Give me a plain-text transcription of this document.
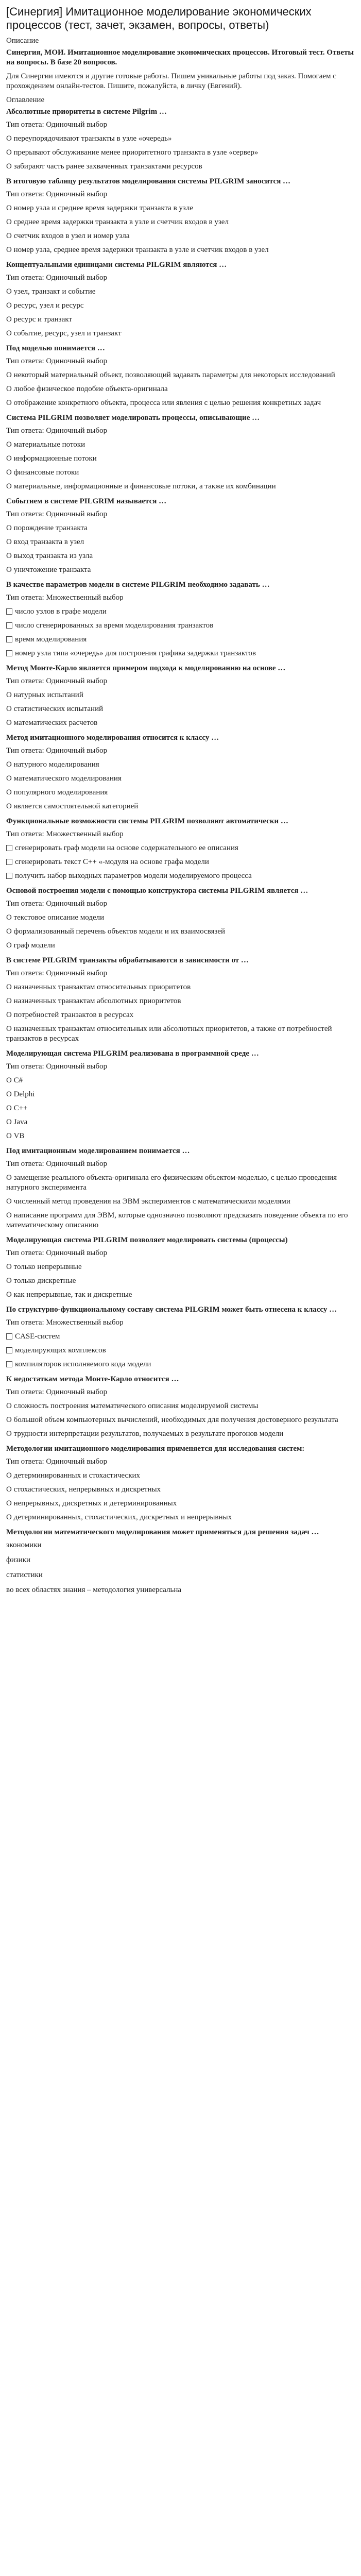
[Синергия] Имитационное моделирование экономических процессов (тест, зачет, экзамен, вопросы, ответы)
Описание
Синергия, МОИ. Имитационное моделирование экономических процессов. Итоговый тест. Ответы на вопросы. В базе 20 вопросов.
Для Синергии имеются и другие готовые работы. Пишем уникальные работы под заказ. Помогаем с прохождением онлайн-тестов. Пишите, пожалуйста, в личку (Евгений).
Оглавление
Абсолютные приоритеты в системе Pilgrim …
Тип ответа: Одиночный выбор
О переупорядочивают транзакты в узле «очередь»
О прерывают обслуживание менее приоритетного транзакта в узле «сервер»
О забирают часть ранее захваченных транзактами ресурсов
В итоговую таблицу результатов моделирования системы PILGRIM заносится …
Тип ответа: Одиночный выбор
О номер узла и среднее время задержки транзакта в узле
О среднее время задержки транзакта в узле и счетчик входов в узел
О счетчик входов в узел и номер узла
О номер узла, среднее время задержки транзакта в узле и счетчик входов в узел
Концептуальными единицами системы PILGRIM являются …
Тип ответа: Одиночный выбор
О узел, транзакт и событие
О ресурс, узел и ресурс
О ресурс и транзакт
О событие, ресурс, узел и транзакт
Под моделью понимается …
Тип ответа: Одиночный выбор
О некоторый материальный объект, позволяющий задавать параметры для некоторых исследований
О любое физическое подобие объекта-оригинала
О отображение конкретного объекта, процесса или явления с целью решения конкретных задач
Система PILGRIM позволяет моделировать процессы, описывающие …
Тип ответа: Одиночный выбор
О материальные потоки
О информационные потоки
О финансовые потоки
О материальные, информационные и финансовые потоки, а также их комбинации
Событием в системе PILGRIM называется …
Тип ответа: Одиночный выбор
О порождение транзакта
О вход транзакта в узел
О выход транзакта из узла
О уничтожение транзакта
В качестве параметров модели в системе PILGRIM необходимо задавать …
Тип ответа: Множественный выбор
число узлов в графе модели
число сгенерированных за время моделирования транзактов
время моделирования
номер узла типа «очередь» для построения графика задержки транзактов
Метод Монте-Карло является примером подхода к моделированию на основе …
Тип ответа: Одиночный выбор
О натурных испытаний
О статистических испытаний
О математических расчетов
Метод имитационного моделирования относится к классу …
Тип ответа: Одиночный выбор
О натурного моделирования
О математического моделирования
О популярного моделирования
О является самостоятельной категорией
Функциональные возможности системы PILGRIM позволяют автоматически …
Тип ответа: Множественный выбор
сгенерировать граф модели на основе содержательного ее описания
сгенерировать текст C++ «-модуля на основе графа модели
получить набор выходных параметров модели моделируемого процесса
Основой построения модели с помощью конструктора системы PILGRIM является …
Тип ответа: Одиночный выбор
О текстовое описание модели
О формализованный перечень объектов модели и их взаимосвязей
О граф модели
В системе PILGRIM транзакты обрабатываются в зависимости от …
Тип ответа: Одиночный выбор
О назначенных транзактам относительных приоритетов
О назначенных транзактам абсолютных приоритетов
О потребностей транзактов в ресурсах
О назначенных транзактам относительных или абсолютных приоритетов, а также от потребностей транзактов в ресурсах
Моделирующая система PILGRIM реализована в программной среде …
Тип ответа: Одиночный выбор
О C#
О Delphi
О C++
О Java
О VB
Под имитационным моделированием понимается …
Тип ответа: Одиночный выбор
О замещение реального объекта-оригинала его физическим объектом-моделью, с целью проведения натурного эксперимента
О численный метод проведения на ЭВМ экспериментов с математическими моделями
О написание программ для ЭВМ, которые однозначно позволяют предсказать поведение объекта по его математическому описанию
Моделирующая система PILGRIM позволяет моделировать системы (процессы)
Тип ответа: Одиночный выбор
О только непрерывные
О только дискретные
О как непрерывные, так и дискретные
По структурно-функциональному составу система PILGRIM может быть отнесена к классу …
Тип ответа: Множественный выбор
CASE-систем
моделирующих комплексов
компиляторов исполняемого кода модели
К недостаткам метода Монте-Карло относится …
Тип ответа: Одиночный выбор
О сложность построения математического описания моделируемой системы
О большой объем компьютерных вычислений, необходимых для получения достоверного результата
О трудности интерпретации результатов, получаемых в результате прогонов модели
Методологии имитационного моделирования применяется для исследования систем:
Тип ответа: Одиночный выбор
О детерминированных и стохастических
О стохастических, непрерывных и дискретных
О непрерывных, дискретных и детерминированных
О детерминированных, стохастических, дискретных и непрерывных
Методологии математического моделирования может применяться для решения задач …
экономики
физики
статистики
во всех областях знания – методология универсальна
